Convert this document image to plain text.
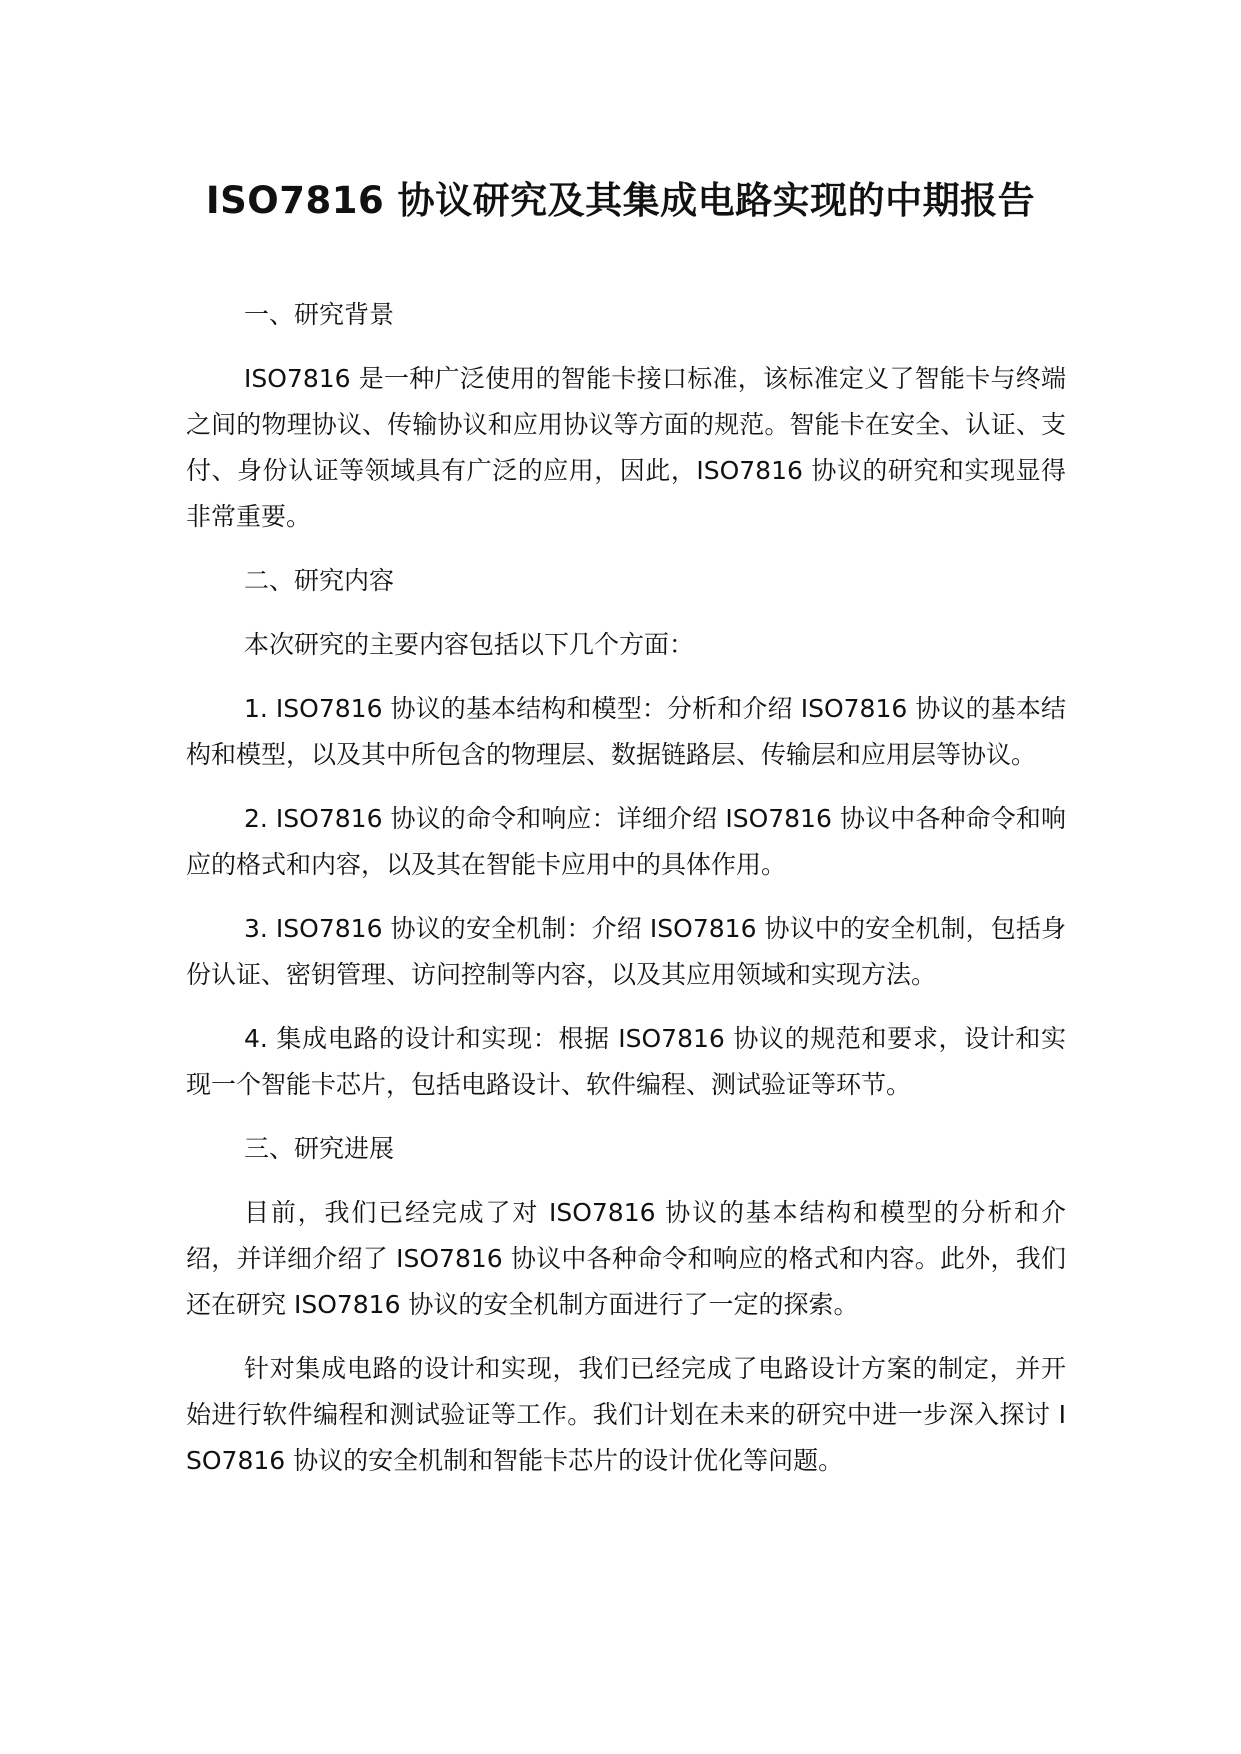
ISO7816 协议研究及其集成电路实现的中期报告
一、研究背景

ISO7816 是一种广泛使用的智能卡接口标准，该标准定义了智能卡与终端之间的物理协议、传输协议和应用协议等方面的规范。智能卡在安全、认证、支付、身份认证等领域具有广泛的应用，因此，ISO7816 协议的研究和实现显得非常重要。

二、研究内容

本次研究的主要内容包括以下几个方面：

1. ISO7816 协议的基本结构和模型：分析和介绍 ISO7816 协议的基本结构和模型，以及其中所包含的物理层、数据链路层、传输层和应用层等协议。

2. ISO7816 协议的命令和响应：详细介绍 ISO7816 协议中各种命令和响应的格式和内容，以及其在智能卡应用中的具体作用。

3. ISO7816 协议的安全机制：介绍 ISO7816 协议中的安全机制，包括身份认证、密钥管理、访问控制等内容，以及其应用领域和实现方法。

4. 集成电路的设计和实现：根据 ISO7816 协议的规范和要求，设计和实现一个智能卡芯片，包括电路设计、软件编程、测试验证等环节。

三、研究进展

目前，我们已经完成了对 ISO7816 协议的基本结构和模型的分析和介绍，并详细介绍了 ISO7816 协议中各种命令和响应的格式和内容。此外，我们还在研究 ISO7816 协议的安全机制方面进行了一定的探索。

针对集成电路的设计和实现，我们已经完成了电路设计方案的制定，并开始进行软件编程和测试验证等工作。我们计划在未来的研究中进一步深入探讨 ISO7816 协议的安全机制和智能卡芯片的设计优化等问题。
